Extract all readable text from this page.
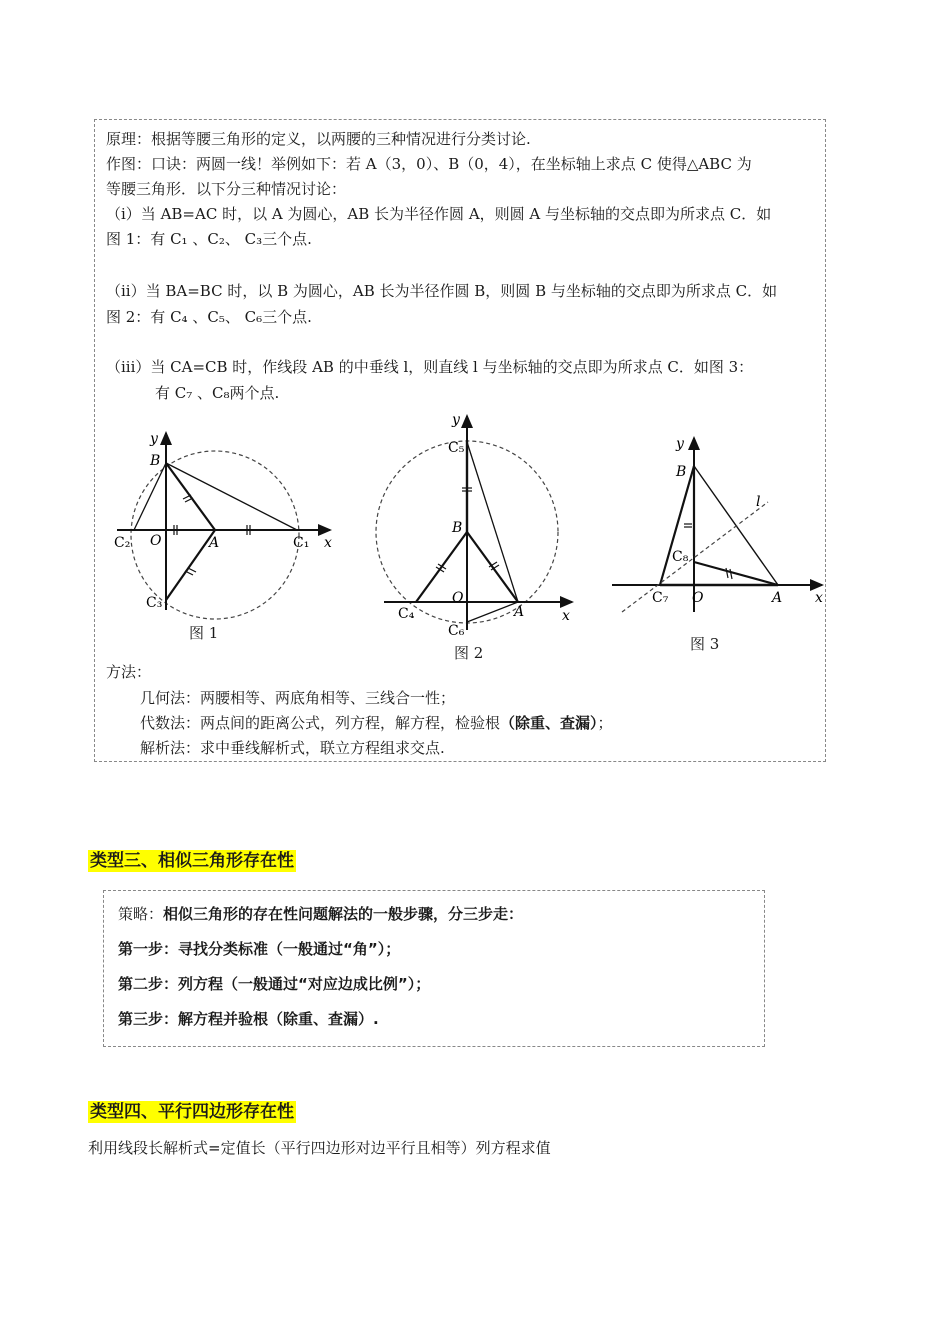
原理：根据等腰三角形的定义，以两腰的三种情况进行分类讨论.
作图：口诀：两圆一线！举例如下：若 A（3，0）、B（0，4），在坐标轴上求点 C 使得△ABC 为
等腰三角形．以下分三种情况讨论：
（i）当 AB=AC 时，以 A 为圆心，AB 长为半径作圆 A，则圆 A 与坐标轴的交点即为所求点 C．如
图 1：有 C₁ 、C₂、 C₃三个点.
（ii）当 BA=BC 时，以 B 为圆心，AB 长为半径作圆 B，则圆 B 与坐标轴的交点即为所求点 C．如
图 2：有 C₄ 、C₅、 C₆三个点.
（iii）当 CA=CB 时，作线段 AB 的中垂线 l，则直线 l 与坐标轴的交点即为所求点 C．如图 3：
有 C₇ 、C₈两个点.
x
y
B
O	A	C₁
C₂
C₃
图 1
x
y
C₅
B
O
A
C₄
C₆
图 2
x
y
B
l
C₈
C₇ O	A
图 3
方法：
几何法：两腰相等、两底角相等、三线合一性；
代数法：两点间的距离公式，列方程，解方程，检验根（除重、查漏）；
解析法：求中垂线解析式，联立方程组求交点.
类型三、相似三角形存在性
策略：相似三角形的存在性问题解法的一般步骤，分三步走：
第一步：寻找分类标准（一般通过“角”）；
第二步：列方程（一般通过“对应边成比例”）；
第三步：解方程并验根（除重、查漏）.
类型四、平行四边形存在性
利用线段长解析式=定值长（平行四边形对边平行且相等）列方程求值
